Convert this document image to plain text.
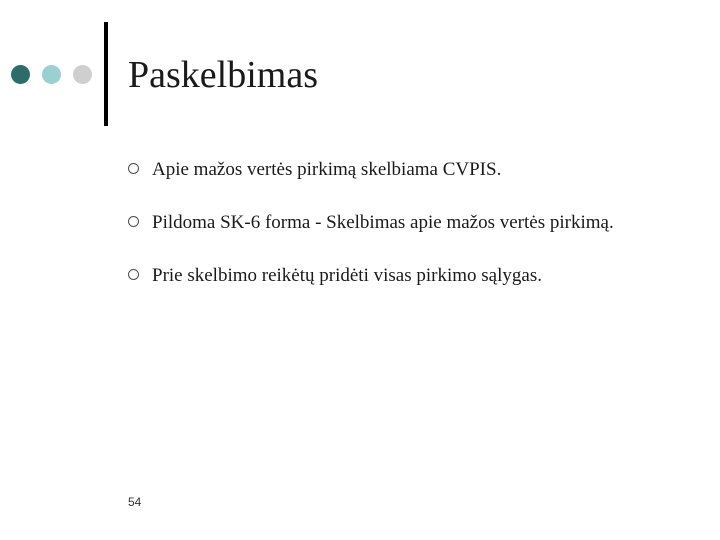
Paskelbimas
Apie mažos vertės pirkimą skelbiama CVPIS.
Pildoma SK-6 forma - Skelbimas apie mažos vertės pirkimą.
Prie skelbimo reikėtų pridėti visas pirkimo sąlygas.
54
